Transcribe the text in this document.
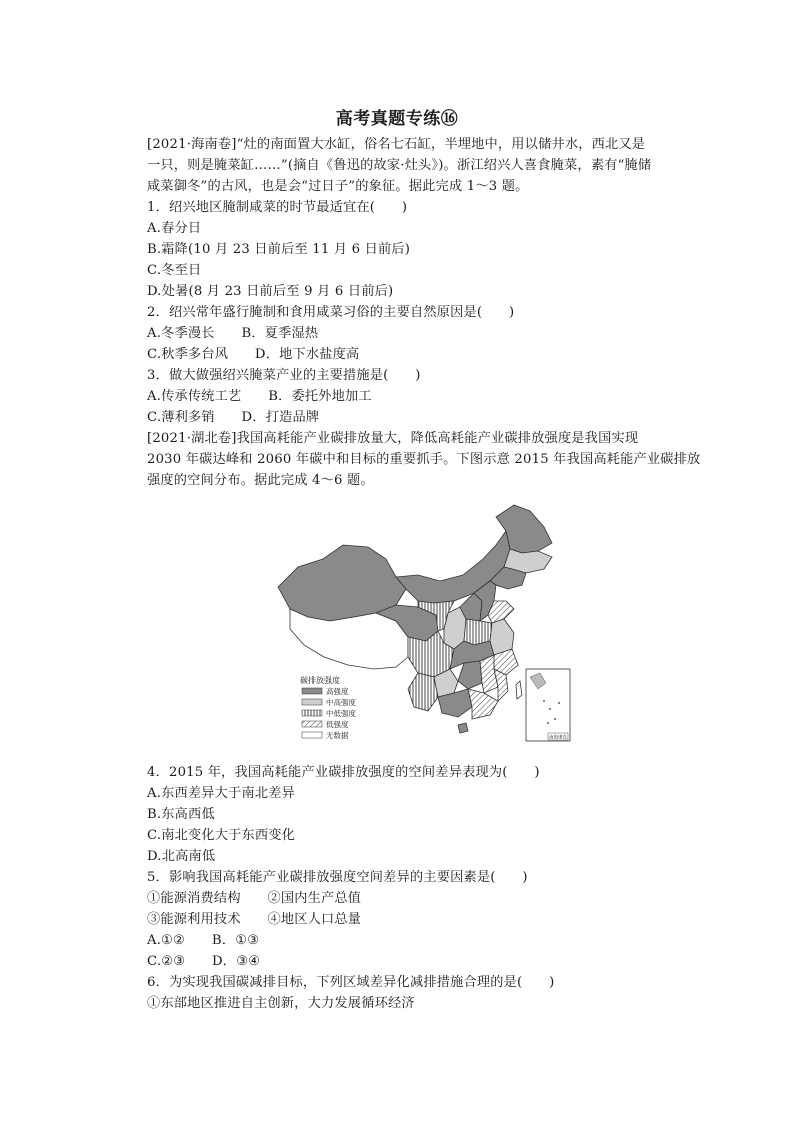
高考真题专练⑯
[2021·海南卷]“灶的南面置大水缸，俗名七石缸，半埋地中，用以储井水，西北又是
一只，则是腌菜缸……”(摘自《鲁迅的故家·灶头》)。浙江绍兴人喜食腌菜，素有“腌储
咸菜御冬”的古风，也是会“过日子”的象征。据此完成 1～3 题。
1．绍兴地区腌制咸菜的时节最适宜在(　　)
A.春分日
B.霜降(10 月 23 日前后至 11 月 6 日前后)
C.冬至日
D.处暑(8 月 23 日前后至 9 月 6 日前后)
2．绍兴常年盛行腌制和食用咸菜习俗的主要自然原因是(　　)
A.冬季漫长　　B．夏季湿热
C.秋季多台风　　D．地下水盐度高
3．做大做强绍兴腌菜产业的主要措施是(　　)
A.传承传统工艺　　B．委托外地加工
C.薄利多销　　D．打造品牌
[2021·湖北卷]我国高耗能产业碳排放量大，降低高耗能产业碳排放强度是我国实现
2030 年碳达峰和 2060 年碳中和目标的重要抓手。下图示意 2015 年我国高耗能产业碳排放
强度的空间分布。据此完成 4～6 题。
碳排放强度
高强度
中高强度
中低强度
低强度
无数据	南海诸岛
4．2015 年，我国高耗能产业碳排放强度的空间差异表现为(　　)
A.东西差异大于南北差异
B.东高西低
C.南北变化大于东西变化
D.北高南低
5．影响我国高耗能产业碳排放强度空间差异的主要因素是(　　)
①能源消费结构　　②国内生产总值
③能源利用技术　　④地区人口总量
A.①②　　B．①③
C.②③　　D．③④
6．为实现我国碳减排目标，下列区域差异化减排措施合理的是(　　)
①东部地区推进自主创新，大力发展循环经济
